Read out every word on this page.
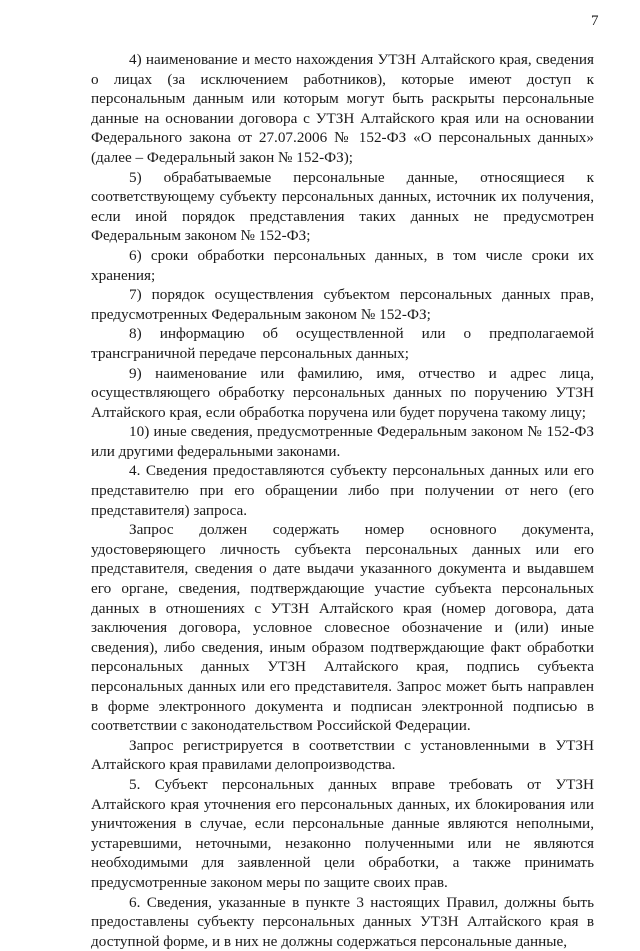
7

4) наименование и место нахождения УТЗН Алтайского края, сведения о лицах (за исключением работников), которые имеют доступ к персональным данным или которым могут быть раскрыты персональные данные на основании договора с УТЗН Алтайского края или на основании Федерального закона от 27.07.2006 № 152-ФЗ «О персональных данных» (далее – Федеральный закон № 152-ФЗ);

5) обрабатываемые персональные данные, относящиеся к соответствующему субъекту персональных данных, источник их получения, если иной порядок представления таких данных не предусмотрен Федеральным законом № 152-ФЗ;

6) сроки обработки персональных данных, в том числе сроки их хранения;

7) порядок осуществления субъектом персональных данных прав, предусмотренных Федеральным законом № 152-ФЗ;

8) информацию об осуществленной или о предполагаемой трансграничной передаче персональных данных;

9) наименование или фамилию, имя, отчество и адрес лица, осуществляющего обработку персональных данных по поручению УТЗН Алтайского края, если обработка поручена или будет поручена такому лицу;

10) иные сведения, предусмотренные Федеральным законом № 152-ФЗ или другими федеральными законами.

4. Сведения предоставляются субъекту персональных данных или его представителю при его обращении либо при получении от него (его представителя) запроса.

Запрос должен содержать номер основного документа, удостоверяющего личность субъекта персональных данных или его представителя, сведения о дате выдачи указанного документа и выдавшем его органе, сведения, подтверждающие участие субъекта персональных данных в отношениях с УТЗН Алтайского края (номер договора, дата заключения договора, условное словесное обозначение и (или) иные сведения), либо сведения, иным образом подтверждающие факт обработки персональных данных УТЗН Алтайского края, подпись субъекта персональных данных или его представителя. Запрос может быть направлен в форме электронного документа и подписан электронной подписью в соответствии с законодательством Российской Федерации.

Запрос регистрируется в соответствии с установленными в УТЗН Алтайского края правилами делопроизводства.

5. Субъект персональных данных вправе требовать от УТЗН Алтайского края уточнения его персональных данных, их блокирования или уничтожения в случае, если персональные данные являются неполными, устаревшими, неточными, незаконно полученными или не являются необходимыми для заявленной цели обработки, а также принимать предусмотренные законом меры по защите своих прав.

6. Сведения, указанные в пункте 3 настоящих Правил, должны быть предоставлены субъекту персональных данных УТЗН Алтайского края в доступной форме, и в них не должны содержаться персональные данные,
